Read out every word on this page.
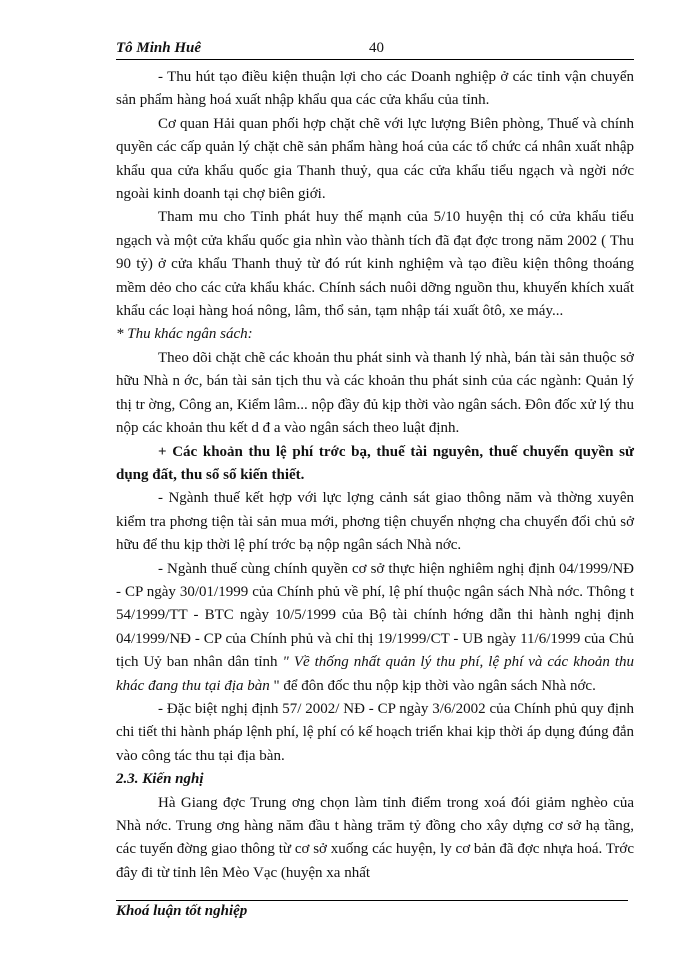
Tô Minh Huê	40

- Thu hút tạo điều kiện thuận lợi cho các Doanh nghiệp ở các tỉnh vận chuyển sản phẩm hàng hoá xuất nhập khẩu qua các cửa khẩu của tỉnh.

Cơ quan Hải quan phối hợp chặt chẽ với lực lượng Biên phòng, Thuế và chính quyền các cấp quản lý chặt chẽ sản phẩm hàng hoá của các tổ chức cá nhân xuất nhập khẩu qua cửa khẩu quốc gia Thanh thuỷ, qua các cửa khẩu tiểu ngạch và ngời nớc ngoài kinh doanh tại chợ biên giới.

Tham mu cho Tỉnh phát huy thế mạnh của 5/10 huyện thị có cửa khẩu tiểu ngạch và một cửa khẩu quốc gia nhìn vào thành tích đã đạt đợc trong năm 2002 ( Thu 90 tỷ) ở cửa khẩu Thanh thuỷ từ đó rút kinh nghiệm và tạo điều kiện thông thoáng mềm dẻo cho các cửa khẩu khác. Chính sách nuôi dỡng nguồn thu, khuyến khích xuất khẩu các loại hàng hoá nông, lâm, thổ sản, tạm nhập tái xuất ôtô, xe máy...

* Thu khác ngân sách:

Theo dõi chặt chẽ các khoản thu phát sinh và thanh lý nhà, bán tài sản thuộc sở hữu Nhà n ớc, bán tài sản tịch thu và các khoản thu phát sinh của các ngành: Quản lý thị tr ờng, Công an, Kiểm lâm... nộp đầy đủ kịp thời vào ngân sách. Đôn đốc xử lý thu nộp các khoản thu kết d đ a vào ngân sách theo luật định.

+ Các khoản thu lệ phí trớc bạ, thuế tài nguyên, thuế chuyển quyền sử dụng đất, thu sổ số kiến thiết.

- Ngành thuế kết hợp với lực lợng cảnh sát giao thông năm và thờng xuyên kiểm tra phơng tiện tài sản mua mới, phơng tiện chuyển nhợng cha chuyển đổi chủ sở hữu để thu kịp thời lệ phí trớc bạ nộp ngân sách Nhà nớc.

- Ngành thuế cùng chính quyền cơ sở thực hiện nghiêm nghị định 04/1999/NĐ - CP ngày 30/01/1999 của Chính phủ về phí, lệ phí thuộc ngân sách Nhà nớc. Thông t 54/1999/TT - BTC ngày 10/5/1999 của Bộ tài chính hớng dẫn thi hành nghị định 04/1999/NĐ - CP của Chính phủ và chỉ thị 19/1999/CT - UB ngày 11/6/1999 của Chủ tịch Uỷ ban nhân dân tỉnh " Về thống nhất quản lý thu phí, lệ phí và các khoản thu khác đang thu tại địa bàn " để đôn đốc thu nộp kịp thời vào ngân sách Nhà nớc.

- Đặc biệt nghị định 57/ 2002/ NĐ - CP ngày 3/6/2002 của Chính phủ quy định chi tiết thi hành pháp lệnh phí, lệ phí có kế hoạch triển khai kịp thời áp dụng đúng đắn vào công tác thu tại địa bàn.

2.3. Kiến nghị

Hà Giang đợc Trung ơng chọn làm tỉnh điểm trong xoá đói giảm nghèo của Nhà nớc. Trung ơng hàng năm đầu t hàng trăm tỷ đồng cho xây dựng cơ sở hạ tầng, các tuyến đờng giao thông từ cơ sở xuống các huyện, ly cơ bản đã đợc nhựa hoá. Trớc đây đi từ tỉnh lên Mèo Vạc (huyện xa nhất

Khoá luận tốt nghiệp
